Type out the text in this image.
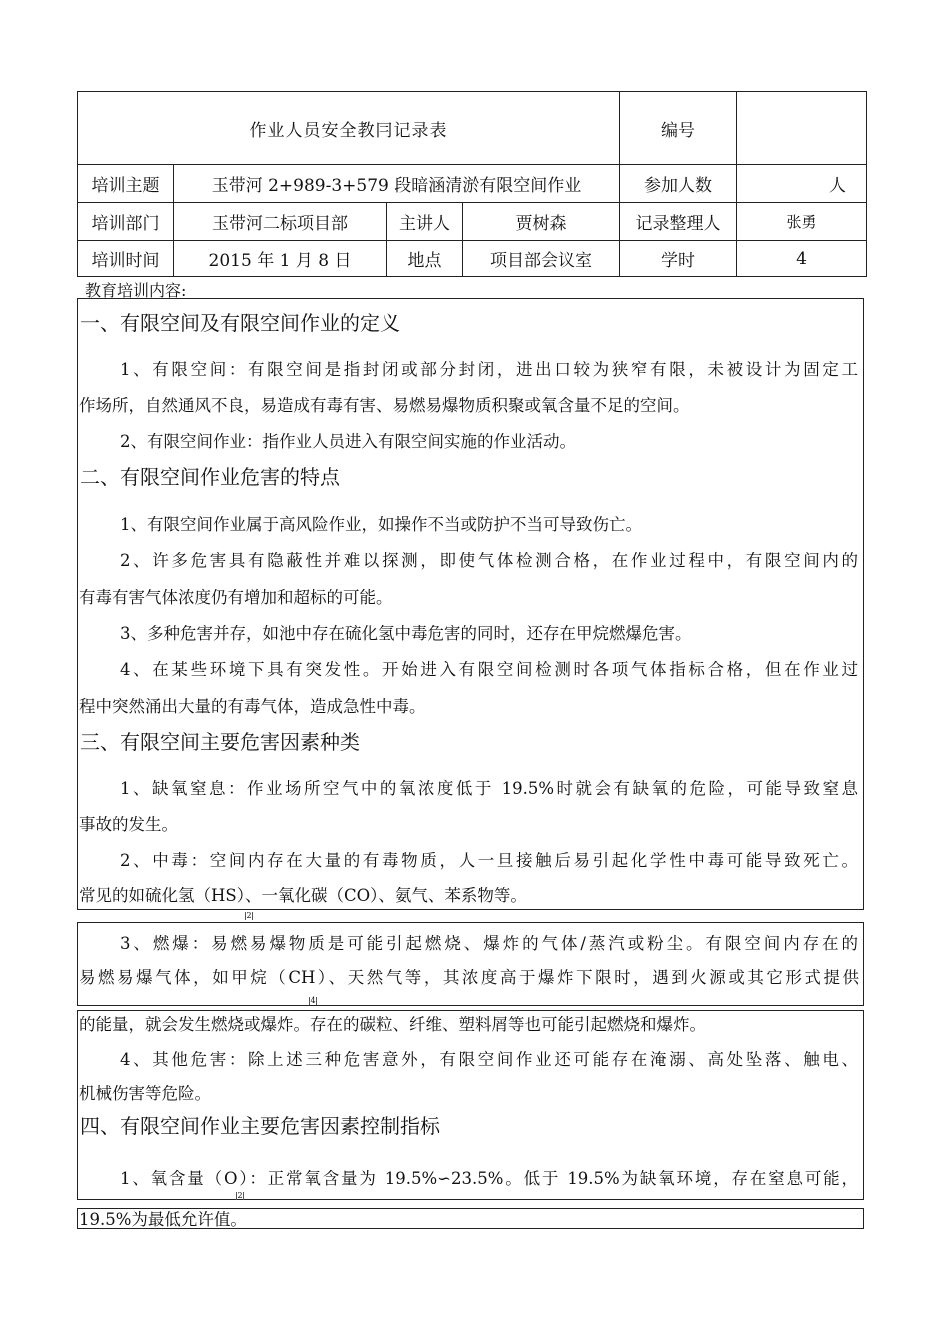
作业人员安全教冃记录表				编号	
培训主题	玉带河 2+989-3+579 段暗涵清淤有限空间作业			参加人数	人
培训部门	玉带河二标项目部	主讲人	贾树森	记录整理人	张勇
培训时间	2015 年 1 月 8 日	地点	项目部会议室	学时	4
教育培训内容:
一、有限空间及有限空间作业的定义
1、有限空间：有限空间是指封闭或部分封闭，进出口较为狭窄有限，未被设计为固定工
作场所，自然通风不良，易造成有毒有害、易燃易爆物质积聚或氧含量不足的空间。
2、有限空间作业：指作业人员进入有限空间实施的作业活动。
二、有限空间作业危害的特点
1、有限空间作业属于高风险作业，如操作不当或防护不当可导致伤亡。
2、许多危害具有隐蔽性并难以探测，即使气体检测合格，在作业过程中，有限空间内的
有毒有害气体浓度仍有增加和超标的可能。
3、多种危害并存，如池中存在硫化氢中毒危害的同时，还存在甲烷燃爆危害。
4、在某些环境下具有突发性。开始进入有限空间检测时各项气体指标合格，但在作业过
程中突然涌出大量的有毒气体，造成急性中毒。
三、有限空间主要危害因素种类
1、缺氧窒息：作业场所空气中的氧浓度低于 19.5%时就会有缺氧的危险，可能导致窒息
事故的发生。
2、中毒：空间内存在大量的有毒物质，人一旦接触后易引起化学性中毒可能导致死亡。
常见的如硫化氢（HS）、一氧化碳（CO）、氨气、苯系物等。
2
3、燃爆：易燃易爆物质是可能引起燃烧、爆炸的气体/蒸汽或粉尘。有限空间内存在的
易燃易爆气体，如甲烷（CH）、天然气等，其浓度高于爆炸下限时，遇到火源或其它形式提供
4
的能量，就会发生燃烧或爆炸。存在的碳粒、纤维、塑料屑等也可能引起燃烧和爆炸。
4、其他危害：除上述三种危害意外，有限空间作业还可能存在淹溺、高处坠落、触电、
机械伤害等危险。
四、有限空间作业主要危害因素控制指标
1、氧含量（O）：正常氧含量为 19.5%∽23.5%。低于 19.5%为缺氧环境，存在窒息可能，
2
19.5%为最低允许值。
